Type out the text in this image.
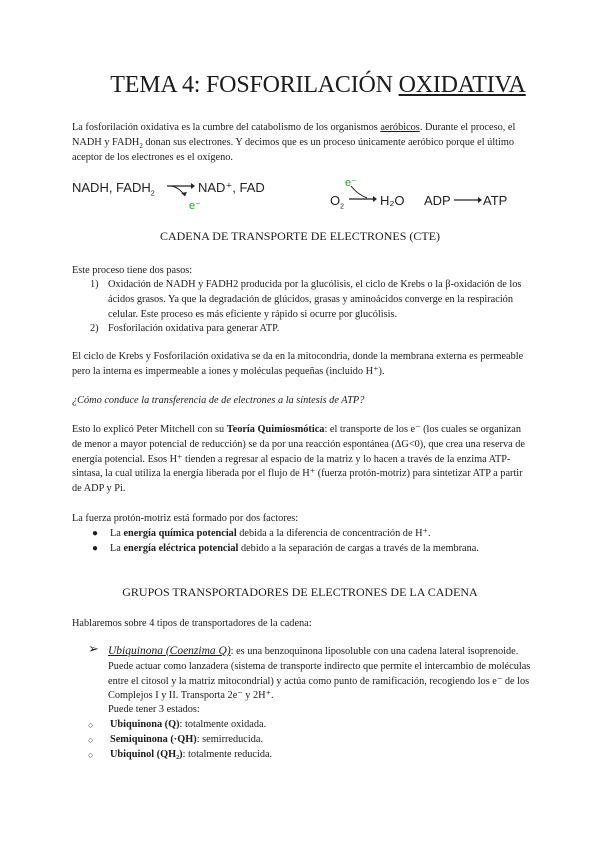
TEMA 4: FOSFORILACIÓN OXIDATIVA
La fosforilación oxidativa es la cumbre del catabolismo de los organismos aeróbicos. Durante el proceso, el NADH y $FADH_2$ donan sus electrones. Y decimos que es un proceso únicamente aeróbico porque el último aceptor de los electrones es el oxígeno.
NADH, $FADH_2$	NAD⁺, FAD
e⁻
e⁻
$O_2$	H₂O ADP ATP
CADENA DE TRANSPORTE DE ELECTRONES (CTE)
Este proceso tiene dos pasos:
1) Oxidación de NADH y FADH2 producida por la glucólisis, el ciclo de Krebs o la β-oxidación de los ácidos grasos. Ya que la degradación de glúcidos, grasas y aminoácidos converge en la respiración celular. Este proceso es más eficiente y rápido si ocurre por glucólisis.
2) Fosforilación oxidativa para generar ATP.
El ciclo de Krebs y Fosforilación oxidativa se da en la mitocondria, donde la membrana externa es permeable pero la interna es impermeable a iones y moléculas pequeñas (incluido H⁺).
¿Cómo conduce la transferencia de de electrones a la síntesis de ATP?
Esto lo explicó Peter Mitchell con su Teoría Quimiosmótica: el transporte de los e⁻ (los cuales se organizan de menor a mayor potencial de reducción) se da por una reacción espontánea (ΔG<0), que crea una reserva de energía potencial. Esos H⁺ tienden a regresar al espacio de la matriz y lo hacen a través de la enzima ATP-sintasa, la cual utiliza la energía liberada por el flujo de H⁺ (fuerza protón-motriz) para sintetizar ATP a partir de ADP y Pi.
La fuerza protón-motriz está formado por dos factores:
● La energía química potencial debida a la diferencia de concentración de H⁺.
● La energía eléctrica potencial debido a la separación de cargas a través de la membrana.
GRUPOS TRANSPORTADORES DE ELECTRONES DE LA CADENA
Hablaremos sobre 4 tipos de transportadores de la cadena:
➢ Ubiquinona (Coenzima Q): es una benzoquinona liposoluble con una cadena lateral isoprenoide. Puede actuar como lanzadera (sistema de transporte indirecto que permite el intercambio de moléculas entre el citosol y la matriz mitocondrial) y actúa como punto de ramificación, recogiendo los e⁻ de los Complejos I y II. Transporta 2e⁻ y 2H⁺.
Puede tener 3 estados:
○ Ubiquinona (Q): totalmente oxidada.
○ Semiquinona (·QH): semirreducida.
○ Ubiquinol (QH₂): totalmente reducida.
